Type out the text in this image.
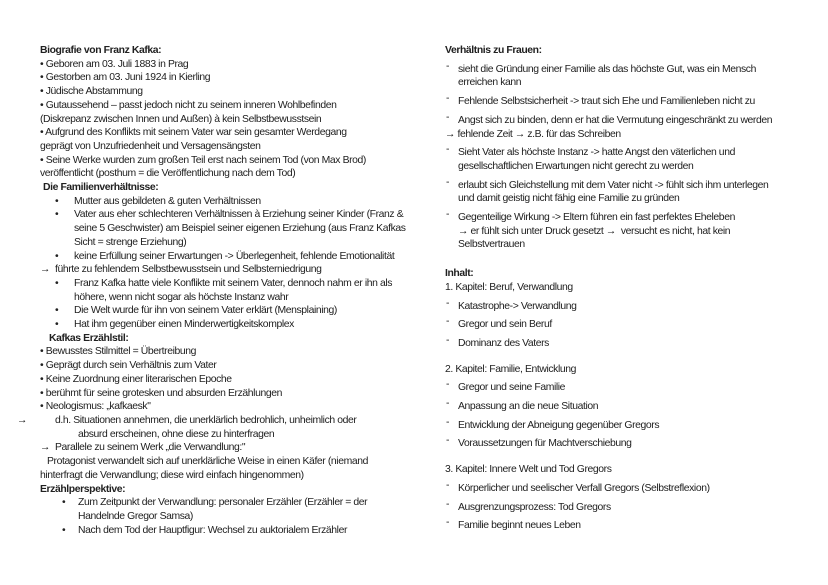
Biografie von Franz Kafka:
• Geboren am 03. Juli 1883 in Prag
• Gestorben am 03. Juni 1924 in Kierling
• Jüdische Abstammung
• Gutaussehend – passt jedoch nicht zu seinem inneren Wohlbefinden
(Diskrepanz zwischen Innen und Außen) à kein Selbstbewusstsein
• Aufgrund des Konflikts mit seinem Vater war sein gesamter Werdegang
geprägt von Unzufriedenheit und Versagensängsten
• Seine Werke wurden zum großen Teil erst nach seinem Tod (von Max Brod)
veröffentlicht (posthum = die Veröffentlichung nach dem Tod)
Die Familienverhältnisse:
• Mutter aus gebildeten & guten Verhältnissen
• Vater aus eher schlechteren Verhältnissen à Erziehung seiner Kinder (Franz &
seine 5 Geschwister) am Beispiel seiner eigenen Erziehung (aus Franz Kafkas
Sicht = strenge Erziehung)
• keine Erfüllung seiner Erwartungen -> Überlegenheit, fehlende Emotionalität
→ führte zu fehlendem Selbstbewusstsein und Selbsterniedrigung
• Franz Kafka hatte viele Konflikte mit seinem Vater, dennoch nahm er ihn als
höhere, wenn nicht sogar als höchste Instanz wahr
• Die Welt wurde für ihn von seinem Vater erklärt (Mensplaining)
• Hat ihm gegenüber einen Minderwertigkeitskomplex
Kafkas Erzählstil:
• Bewusstes Stilmittel = Übertreibung
• Geprägt durch sein Verhältnis zum Vater
• Keine Zuordnung einer literarischen Epoche
• berühmt für seine grotesken und absurden Erzählungen
• Neologismus: „kafkaesk"
→	d.h. Situationen annehmen, die unerklärlich bedrohlich, unheimlich oder
absurd erscheinen, ohne diese zu hinterfragen
→ Parallele zu seinem Werk „die Verwandlung:"
Protagonist verwandelt sich auf unerklärliche Weise in einen Käfer (niemand
hinterfragt die Verwandlung; diese wird einfach hingenommen)
Erzählperspektive:
• Zum Zeitpunkt der Verwandlung: personaler Erzähler (Erzähler = der
Handelnde Gregor Samsa)
• Nach dem Tod der Hauptfigur: Wechsel zu auktorialem Erzähler
Verhältnis zu Frauen:
- sieht die Gründung einer Familie als das höchste Gut, was ein Mensch
erreichen kann
- Fehlende Selbstsicherheit -> traut sich Ehe und Familienleben nicht zu
- Angst sich zu binden, denn er hat die Vermutung eingeschränkt zu werden
→ fehlende Zeit → z.B. für das Schreiben
- Sieht Vater als höchste Instanz -> hatte Angst den väterlichen und
gesellschaftlichen Erwartungen nicht gerecht zu werden
- erlaubt sich Gleichstellung mit dem Vater nicht -> fühlt sich ihm unterlegen
und damit geistig nicht fähig eine Familie zu gründen
- Gegenteilige Wirkung -> Eltern führen ein fast perfektes Eheleben
→ er fühlt sich unter Druck gesetzt →  versucht es nicht, hat kein
Selbstvertrauen
Inhalt:
1. Kapitel: Beruf, Verwandlung
- Katastrophe-> Verwandlung
- Gregor und sein Beruf
- Dominanz des Vaters
2. Kapitel: Familie, Entwicklung
- Gregor und seine Familie
- Anpassung an die neue Situation
- Entwicklung der Abneigung gegenüber Gregors
- Voraussetzungen für Machtverschiebung
3. Kapitel: Innere Welt und Tod Gregors
- Körperlicher und seelischer Verfall Gregors (Selbstreflexion)
- Ausgrenzungsprozess: Tod Gregors
- Familie beginnt neues Leben
